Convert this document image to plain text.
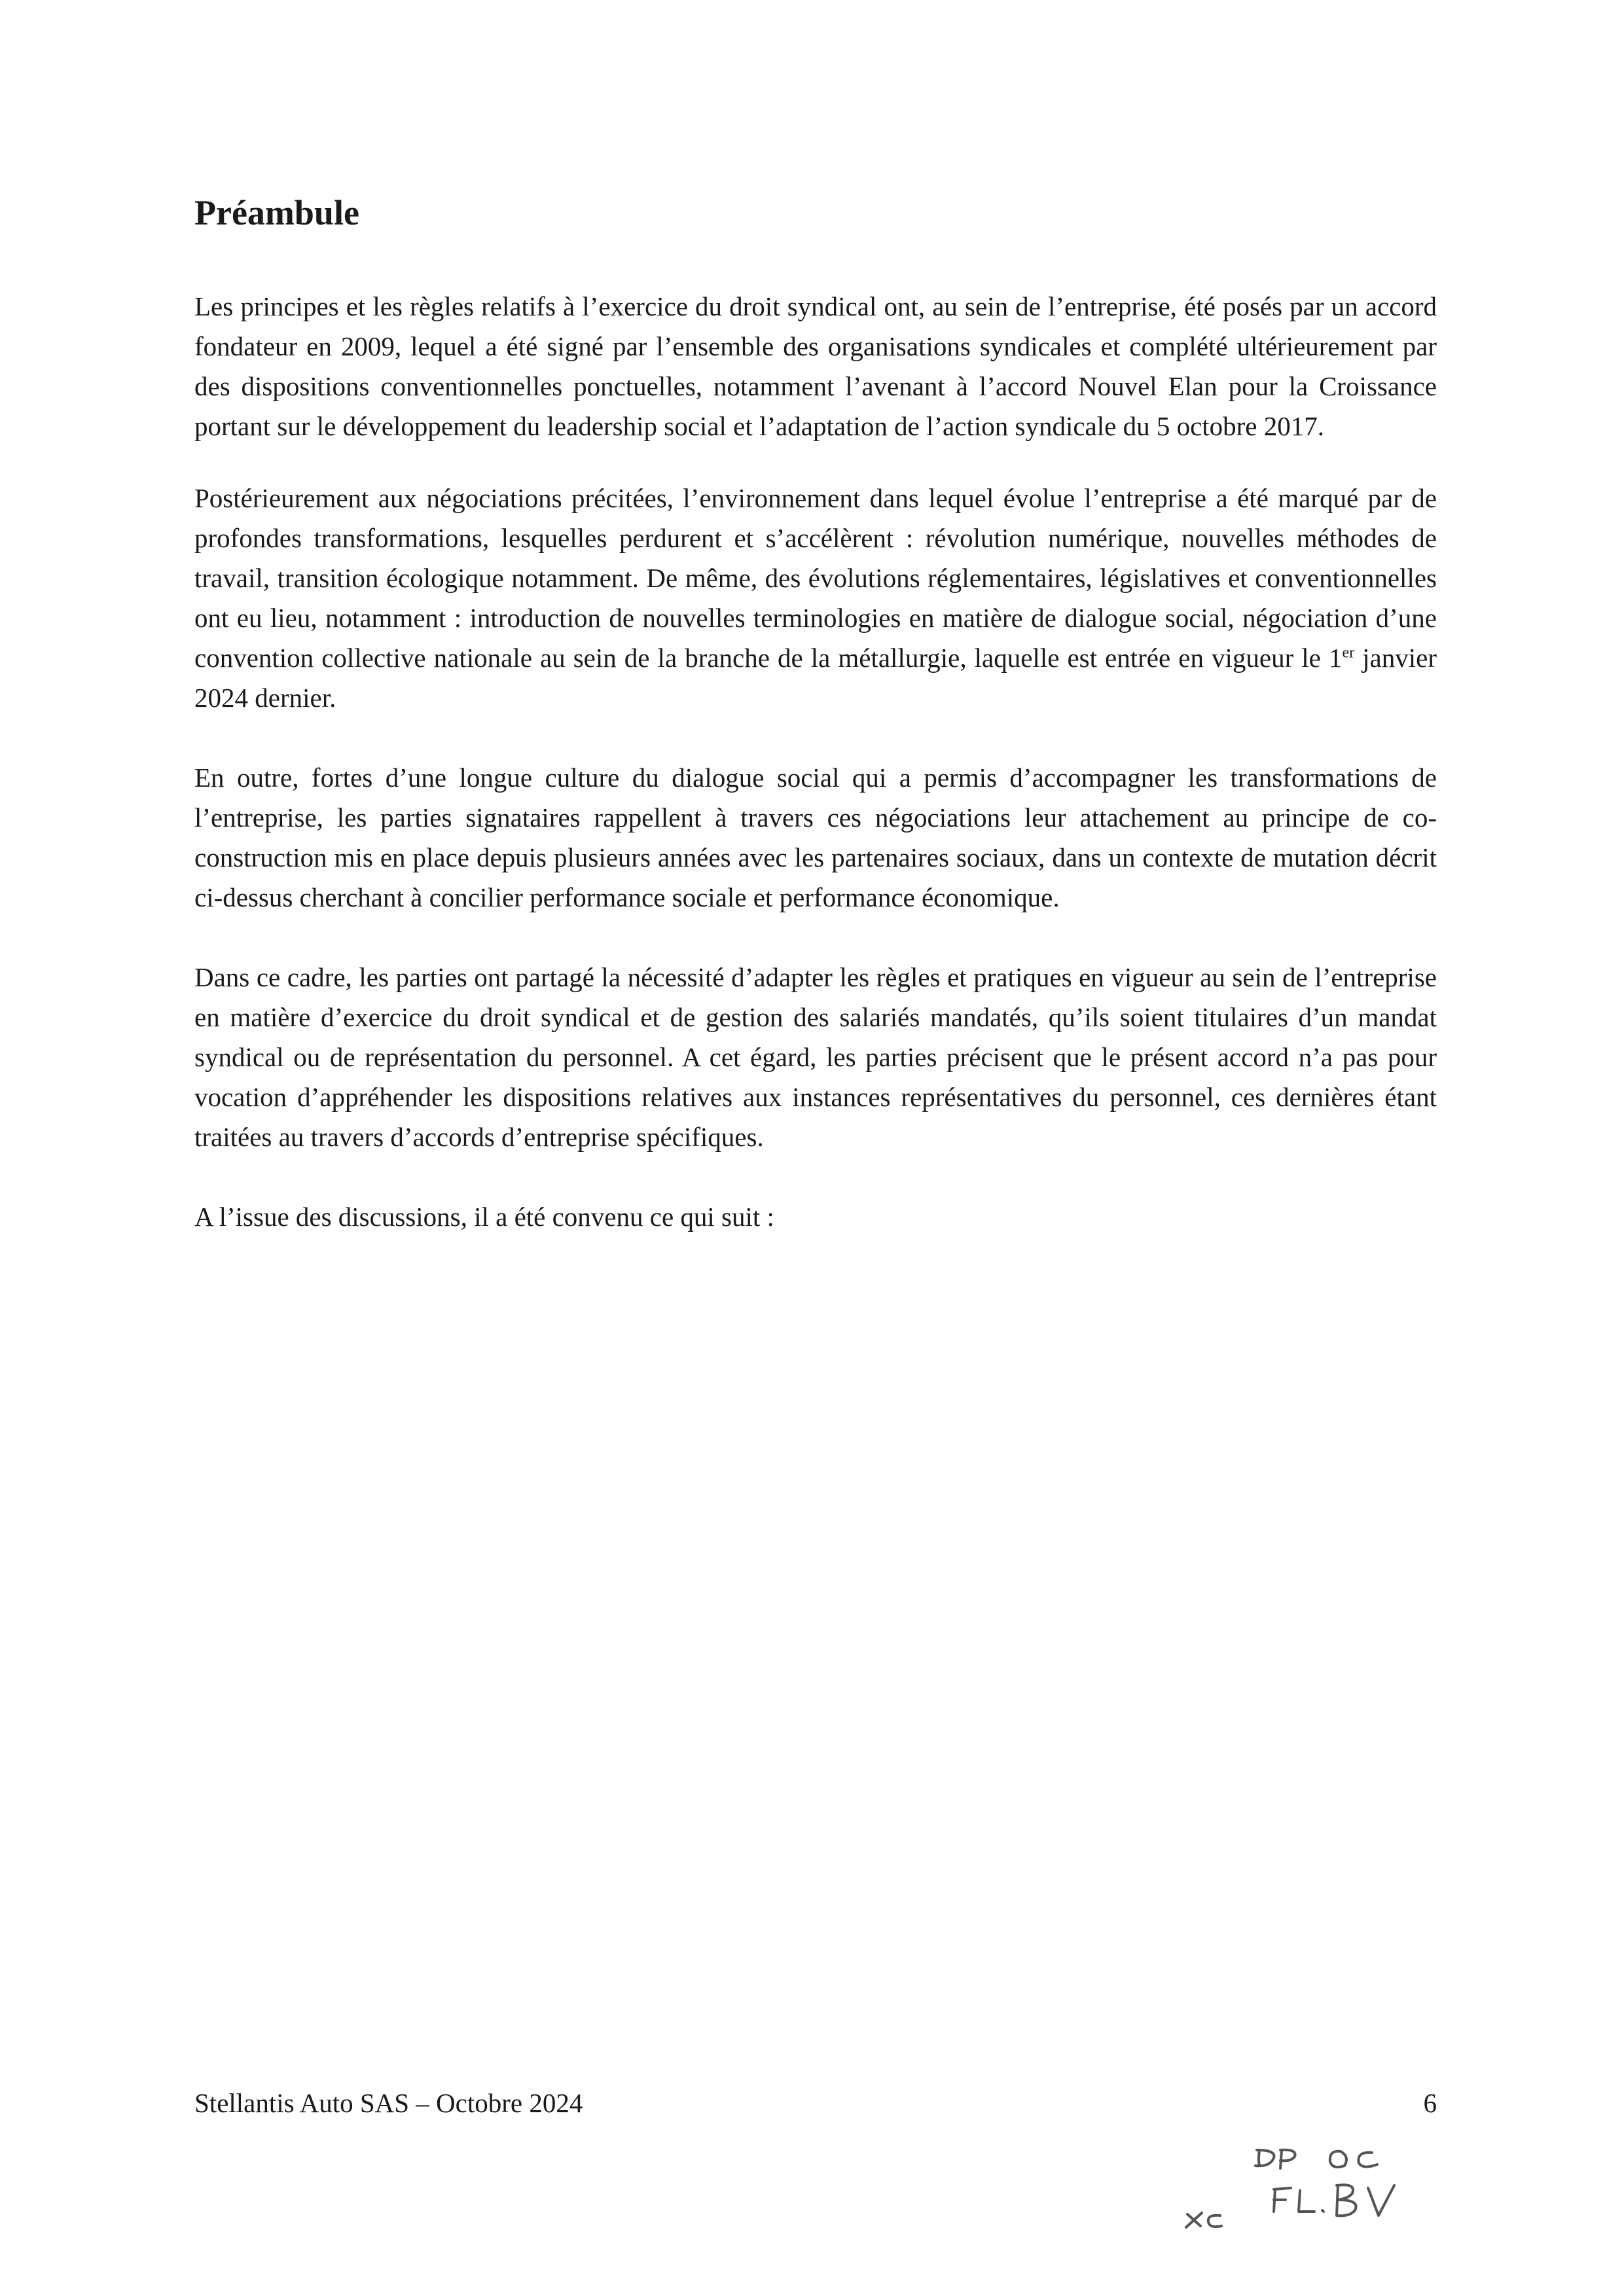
Préambule

Les principes et les règles relatifs à l’exercice du droit syndical ont, au sein de l’entreprise, été posés par un accord fondateur en 2009, lequel a été signé par l’ensemble des organisations syndicales et complété ultérieurement par des dispositions conventionnelles ponctuelles, notamment l’avenant à l’accord Nouvel Elan pour la Croissance portant sur le développement du leadership social et l’adaptation de l’action syndicale du 5 octobre 2017.

Postérieurement aux négociations précitées, l’environnement dans lequel évolue l’entreprise a été marqué par de profondes transformations, lesquelles perdurent et s’accélèrent : révolution numérique, nouvelles méthodes de travail, transition écologique notamment. De même, des évolutions réglementaires, législatives et conventionnelles ont eu lieu, notamment : introduction de nouvelles terminologies en matière de dialogue social, négociation d’une convention collective nationale au sein de la branche de la métallurgie, laquelle est entrée en vigueur le 1er janvier 2024 dernier.

En outre, fortes d’une longue culture du dialogue social qui a permis d’accompagner les transformations de l’entreprise, les parties signataires rappellent à travers ces négociations leur attachement au principe de co-construction mis en place depuis plusieurs années avec les partenaires sociaux, dans un contexte de mutation décrit ci-dessus cherchant à concilier performance sociale et performance économique.

Dans ce cadre, les parties ont partagé la nécessité d’adapter les règles et pratiques en vigueur au sein de l’entreprise en matière d’exercice du droit syndical et de gestion des salariés mandatés, qu’ils soient titulaires d’un mandat syndical ou de représentation du personnel. A cet égard, les parties précisent que le présent accord n’a pas pour vocation d’appréhender les dispositions relatives aux instances représentatives du personnel, ces dernières étant traitées au travers d’accords d’entreprise spécifiques.

A l’issue des discussions, il a été convenu ce qui suit :

Stellantis Auto SAS – Octobre 2024	6
